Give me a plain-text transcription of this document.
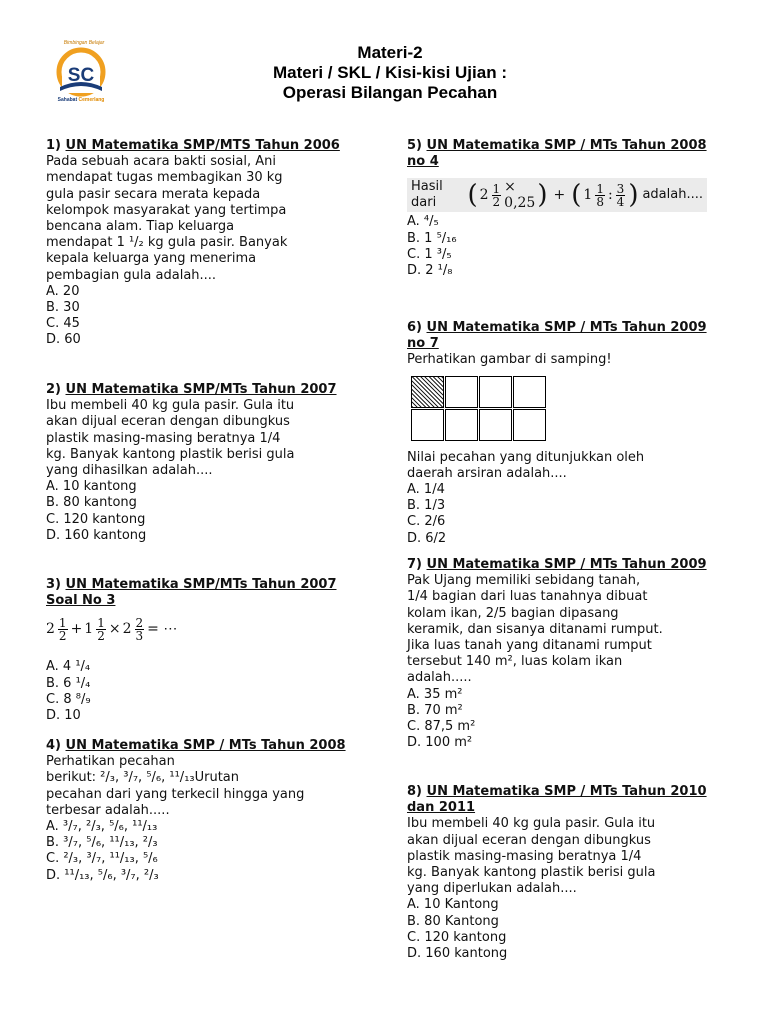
Bimbingan Belajar
SC
Sahabat Cemerlang
Materi-2
Materi / SKL / Kisi-kisi Ujian :
Operasi Bilangan Pecahan
1) UN Matematika SMP/MTS Tahun 2006

Pada sebuah acara bakti sosial, Ani
mendapat tugas membagikan 30 kg
gula pasir secara merata kepada
kelompok masyarakat yang tertimpa
bencana alam. Tiap keluarga
mendapat 1 ¹/₂ kg gula pasir. Banyak
kepala keluarga yang menerima
pembagian gula adalah....

A. 20
B. 30
C. 45
D. 60
2) UN Matematika SMP/MTs Tahun 2007

Ibu membeli 40 kg gula pasir. Gula itu
akan dijual eceran dengan dibungkus
plastik masing-masing beratnya 1/4
kg. Banyak kantong plastik berisi gula
yang dihasilkan adalah....

A. 10 kantong
B. 80 kantong
C. 120 kantong
D. 160 kantong
3) UN Matematika SMP/MTs Tahun 2007 Soal No 3
2 1
$2 + 1 \frac{1}{2} \times 2 \frac{2}{3}$ = ⋯
A. 4 ¹/₄
B. 6 ¹/₄
C. 8 ⁸/₉
D. 10
4) UN Matematika SMP / MTs Tahun 2008

Perhatikan pecahan
berikut: ²/₃, ³/₇, ⁵/₆, ¹¹/₁₃Urutan
pecahan dari yang terkecil hingga yang
terbesar adalah.....

A. ³/₇, ²/₃, ⁵/₆, ¹¹/₁₃
B. ³/₇, ⁵/₆, ¹¹/₁₃, ²/₃
C. ²/₃, ³/₇, ¹¹/₁₃, ⁵/₆
D. ¹¹/₁₃, ⁵/₆, ³/₇, ²/₃
5) UN Matematika SMP / MTs Tahun 2008 no 4
Hasil dari	( $2 \frac{1}{2} \times 0,25$ ) + ( 1 1
8 : 3
4 ) adalah....
A. ⁴/₅
B. 1 ⁵/₁₆
C. 1 ³/₅
D. 2 ¹/₈
6) UN Matematika SMP / MTs Tahun 2009 no 7

Perhatikan gambar di samping!

Nilai pecahan yang ditunjukkan oleh
daerah arsiran adalah....

A. 1/4
B. 1/3
C. 2/6
D. 6/2
7) UN Matematika SMP / MTs Tahun 2009

Pak Ujang memiliki sebidang tanah,
1/4 bagian dari luas tanahnya dibuat
kolam ikan, 2/5 bagian dipasang
keramik, dan sisanya ditanami rumput.
Jika luas tanah yang ditanami rumput
tersebut 140 m², luas kolam ikan
adalah.....

A. 35 m²
B. 70 m²
C. 87,5 m²
D. 100 m²
8) UN Matematika SMP / MTs Tahun 2010 dan 2011

Ibu membeli 40 kg gula pasir. Gula itu
akan dijual eceran dengan dibungkus
plastik masing-masing beratnya 1/4
kg. Banyak kantong plastik berisi gula
yang diperlukan adalah....

A. 10 Kantong
B. 80 Kantong
C. 120 kantong
D. 160 kantong
